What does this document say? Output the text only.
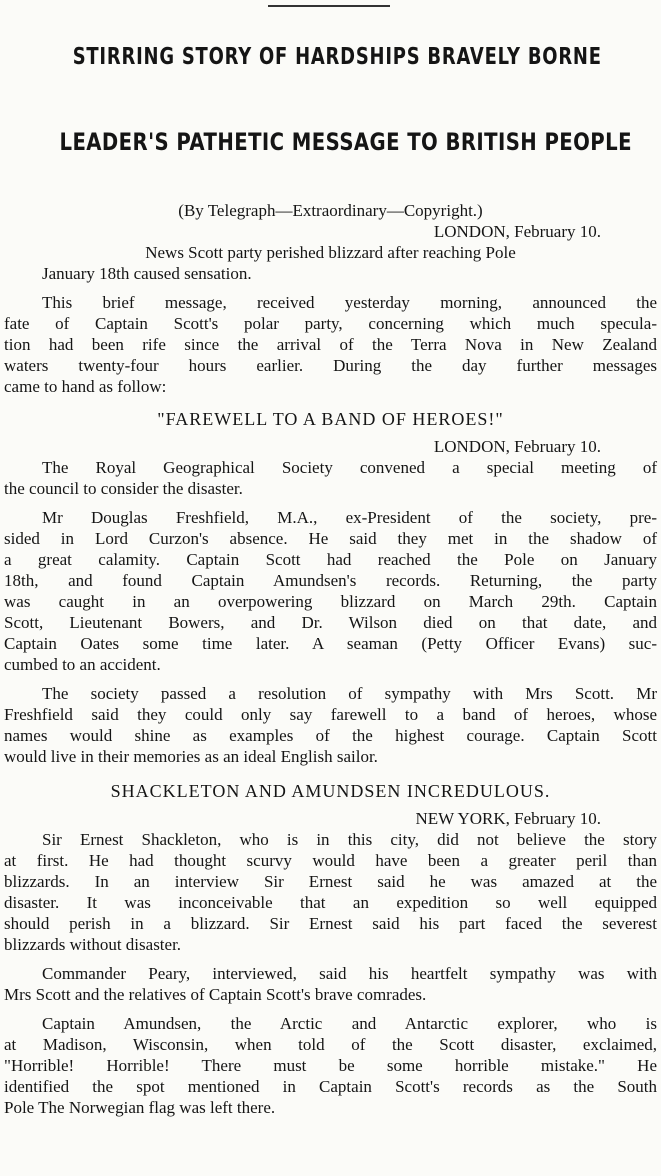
STIRRING STORY OF HARDSHIPS BRAVELY BORNE
LEADER'S PATHETIC MESSAGE TO BRITISH PEOPLE
(By Telegraph—Extraordinary—Copyright.)
LONDON, February 10.
News Scott party perished blizzard after reaching Pole
January 18th caused sensation.
This brief message, received yesterday morning, announced the
fate of Captain Scott's polar party, concerning which much specula-
tion had been rife since the arrival of the Terra Nova in New Zealand
waters twenty-four hours earlier. During the day further messages
came to hand as follow:
"FAREWELL TO A BAND OF HEROES!"
LONDON, February 10.
The Royal Geographical Society convened a special meeting of
the council to consider the disaster.
Mr Douglas Freshfield, M.A., ex-President of the society, pre-
sided in Lord Curzon's absence. He said they met in the shadow of
a great calamity. Captain Scott had reached the Pole on January
18th, and found Captain Amundsen's records. Returning, the party
was caught in an overpowering blizzard on March 29th. Captain
Scott, Lieutenant Bowers, and Dr. Wilson died on that date, and
Captain Oates some time later. A seaman (Petty Officer Evans) suc-
cumbed to an accident.
The society passed a resolution of sympathy with Mrs Scott. Mr
Freshfield said they could only say farewell to a band of heroes, whose
names would shine as examples of the highest courage. Captain Scott
would live in their memories as an ideal English sailor.
SHACKLETON AND AMUNDSEN INCREDULOUS.
NEW YORK, February 10.
Sir Ernest Shackleton, who is in this city, did not believe the story
at first. He had thought scurvy would have been a greater peril than
blizzards. In an interview Sir Ernest said he was amazed at the
disaster. It was inconceivable that an expedition so well equipped
should perish in a blizzard. Sir Ernest said his part faced the severest
blizzards without disaster.
Commander Peary, interviewed, said his heartfelt sympathy was with
Mrs Scott and the relatives of Captain Scott's brave comrades.
Captain Amundsen, the Arctic and Antarctic explorer, who is
at Madison, Wisconsin, when told of the Scott disaster, exclaimed,
"Horrible! Horrible! There must be some horrible mistake." He
identified the spot mentioned in Captain Scott's records as the South
Pole The Norwegian flag was left there.
